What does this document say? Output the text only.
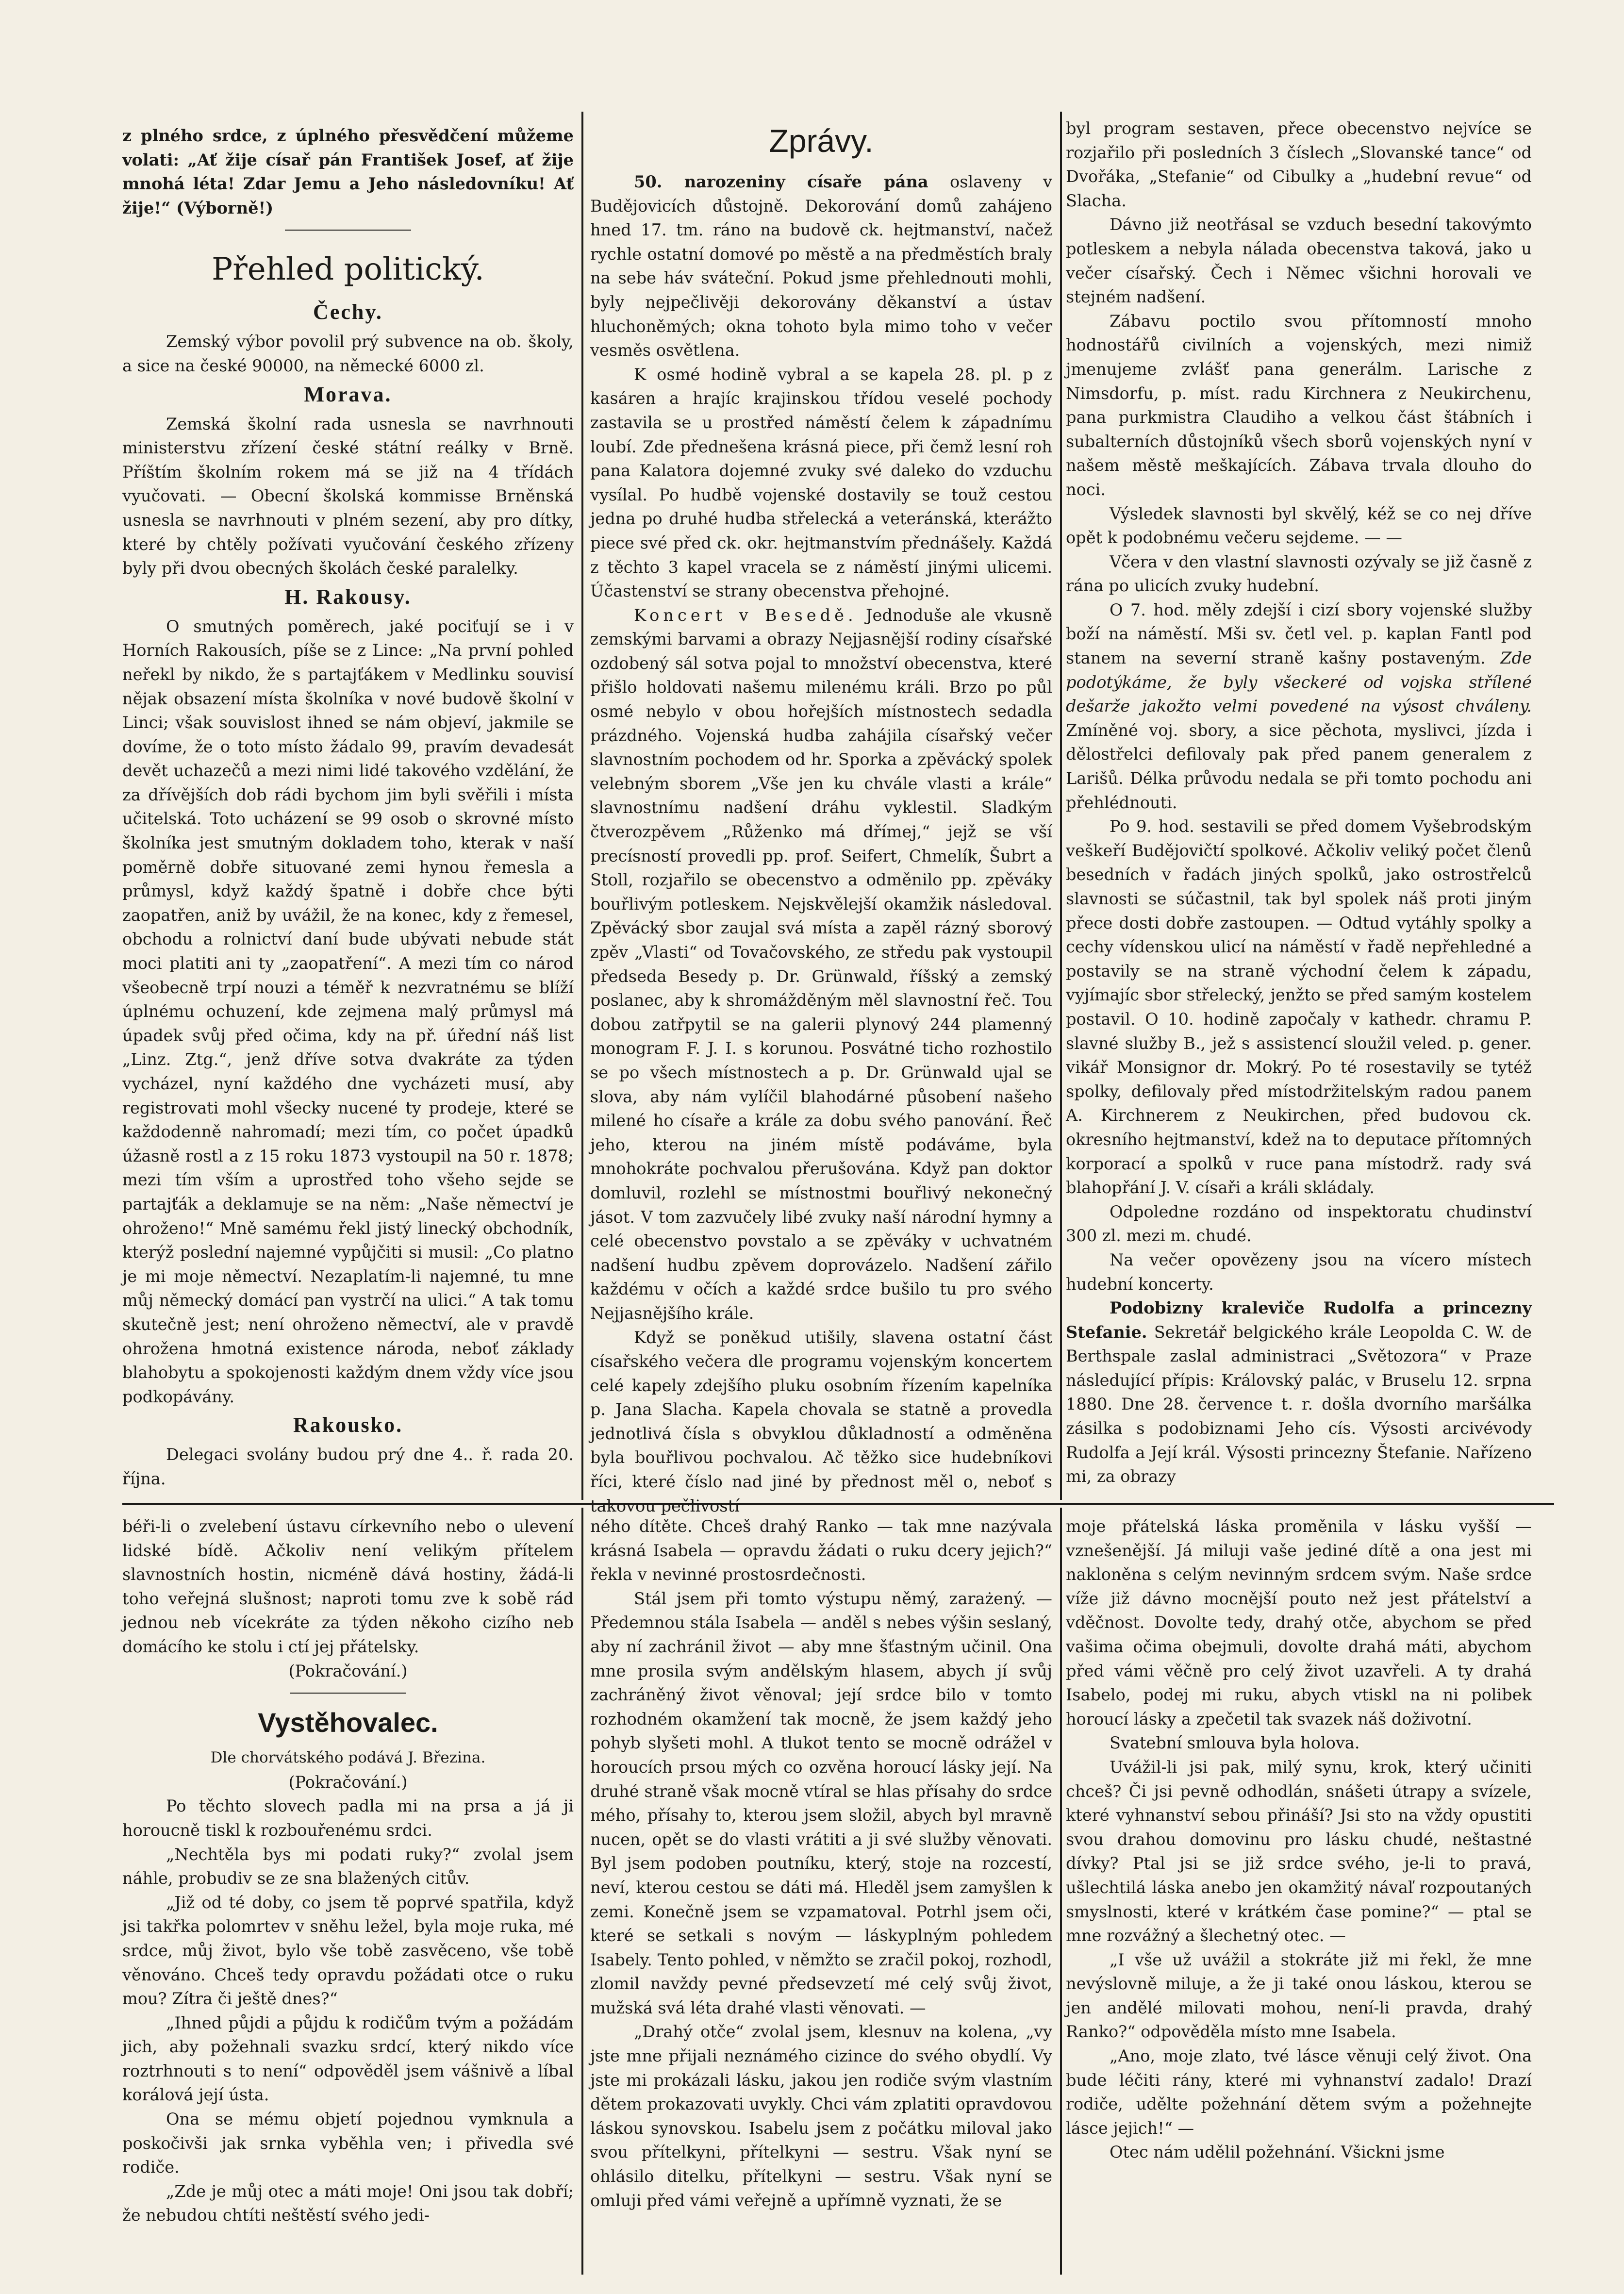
z plného srdce, z úplného přesvědčení můžeme volati: „Ať žije císař pán František Josef, ať žije mnohá léta! Zdar Jemu a Jeho následovníku! Ať žije!“ (Výborně!)

Přehled politický.
Čechy.

Zemský výbor povolil prý subvence na ob. školy, a sice na české 90000, na německé 6000 zl.

Morava.

Zemská školní rada usnesla se navrhnouti ministerstvu zřízení české státní reálky v Brně. Příštím školním rokem má se již na 4 třídách vyučovati. — Obecní školská kommisse Brněnská usnesla se navrhnouti v plném sezení, aby pro dítky, které by chtěly požívati vyučování českého zřízeny byly při dvou obecných školách české paralelky.

H. Rakousy.

O smutných poměrech, jaké pociťují se i v Horních Rakousích, píše se z Lince: „Na první pohled neřekl by nikdo, že s partajťákem v Medlinku souvisí nějak obsazení místa školníka v nové budově školní v Linci; však souvislost ihned se nám objeví, jakmile se dovíme, že o toto místo žádalo 99, pravím devadesát devět uchazečů a mezi nimi lidé takového vzdělání, že za dřívějších dob rádi bychom jim byli svěřili i místa učitelská. Toto ucházení se 99 osob o skrovné místo školníka jest smutným dokladem toho, kterak v naší poměrně dobře situované zemi hynou řemesla a průmysl, když každý špatně i dobře chce býti zaopatřen, aniž by uvážil, že na konec, kdy z řemesel, obchodu a rolnictví daní bude ubývati nebude stát moci platiti ani ty „zaopatření“. A mezi tím co národ všeobecně trpí nouzi a téměř k nezvratnému se blíží úplnému ochuzení, kde zejmena malý průmysl má úpadek svůj před očima, kdy na př. úřední náš list „Linz. Ztg.“, jenž dříve sotva dvakráte za týden vycházel, nyní každého dne vycházeti musí, aby registrovati mohl všecky nucené ty prodeje, které se každodenně nahromadí; mezi tím, co počet úpadků úžasně rostl a z 15 roku 1873 vystoupil na 50 r. 1878; mezi tím vším a uprostřed toho všeho sejde se partajťák a deklamuje se na něm: „Naše němectví je ohroženo!“ Mně samému řekl jistý linecký obchodník, kterýž poslední najemné vypůjčiti si musil: „Co platno je mi moje němectví. Nezaplatím-li najemné, tu mne můj německý domácí pan vystrčí na ulici.“ A tak tomu skutečně jest; není ohroženo němectví, ale v pravdě ohrožena hmotná existence národa, neboť základy blahobytu a spokojenosti každým dnem vždy více jsou podkopávány.

Rakousko.

Delegaci svolány budou prý dne 4.. ř. rada 20. října.

Zprávy.

50. narozeniny císaře pána oslaveny v Budějovicích důstojně. Dekorování domů zahájeno hned 17. tm. ráno na budově ck. hejtmanství, načež rychle ostatní domové po městě a na předměstích braly na sebe háv sváteční. Pokud jsme přehlednouti mohli, byly nejpečlivěji dekorovány děkanství a ústav hluchoněmých; okna tohoto byla mimo toho v večer vesměs osvětlena.

K osmé hodině vybral a se kapela 28. pl. p z kasáren a hrajíc krajinskou třídou veselé pochody zastavila se u prostřed náměstí čelem k západnímu loubí. Zde přednešena krásná piece, při čemž lesní roh pana Kalatora dojemné zvuky své daleko do vzduchu vysílal. Po hudbě vojenské dostavily se touž cestou jedna po druhé hudba střelecká a veteránská, kterážto piece své před ck. okr. hejtmanstvím přednášely. Každá z těchto 3 kapel vracela se z náměstí jinými ulicemi. Účastenství se strany obecenstva přehojné.

Koncert v Besedě. Jednoduše ale vkusně zemskými barvami a obrazy Nejjasnější rodiny císařské ozdobený sál sotva pojal to množství obecenstva, které přišlo holdovati našemu milenému králi. Brzo po půl osmé nebylo v obou hořejších místnostech sedadla prázdného. Vojenská hudba zahájila císařský večer slavnostním pochodem od hr. Sporka a zpěvácký spolek velebným sborem „Vše jen ku chvále vlasti a krále“ slavnostnímu nadšení dráhu vyklestil. Sladkým čtverozpěvem „Růženko má dřímej,“ jejž se vší precísností provedli pp. prof. Seifert, Chmelík, Šubrt a Stoll, rozjařilo se obecenstvo a odměnilo pp. zpěváky bouřlivým potleskem. Nejskvělejší okamžik následoval. Zpěvácký sbor zaujal svá místa a zapěl rázný sborový zpěv „Vlasti“ od Tovačovského, ze středu pak vystoupil předseda Besedy p. Dr. Grünwald, říšský a zemský poslanec, aby k shromážděným měl slavnostní řeč. Tou dobou zatřpytil se na galerii plynový 244 plamenný monogram F. J. I. s korunou. Posvátné ticho rozhostilo se po všech místnostech a p. Dr. Grünwald ujal se slova, aby nám vylíčil blahodárné působení našeho milené ho císaře a krále za dobu svého panování. Řeč jeho, kterou na jiném místě podáváme, byla mnohokráte pochvalou přerušována. Když pan doktor domluvil, rozlehl se místnostmi bouřlivý nekonečný jásot. V tom zazvučely libé zvuky naší národní hymny a celé obecenstvo povstalo a se zpěváky v uchvatném nadšení hudbu zpěvem doprovázelo. Nadšení zářilo každému v očích a každé srdce bušilo tu pro svého Nejjasnějšího krále.

Když se poněkud utišily, slavena ostatní část císařského večera dle programu vojenským koncertem celé kapely zdejšího pluku osobním řízením kapelníka p. Jana Slacha. Kapela chovala se statně a provedla jednotlivá čísla s obvyklou důkladností a odměněna byla bouřlivou pochvalou. Ač těžko sice hudebníkovi říci, které číslo nad jiné by přednost měl o, neboť s takovou pečlivostí

byl program sestaven, přece obecenstvo nejvíce se rozjařilo při posledních 3 číslech „Slovanské tance“ od Dvořáka, „Stefanie“ od Cibulky a „hudební revue“ od Slacha.

Dávno již neotřásal se vzduch besední takovýmto potleskem a nebyla nálada obecenstva taková, jako u večer císařský. Čech i Němec všichni horovali ve stejném nadšení.

Zábavu poctilo svou přítomností mnoho hodnostářů civilních a vojenských, mezi nimiž jmenujeme zvlášť pana generálm. Larische z Nimsdorfu, p. míst. radu Kirchnera z Neukirchenu, pana purkmistra Claudiho a velkou část štábních i subalterních důstojníků všech sborů vojenských nyní v našem městě meškajících. Zábava trvala dlouho do noci.

Výsledek slavnosti byl skvělý, kéž se co nej dříve opět k podobnému večeru sejdeme. — —

Včera v den vlastní slavnosti ozývaly se již časně z rána po ulicích zvuky hudební.

O 7. hod. měly zdejší i cizí sbory vojenské služby boží na náměstí. Mši sv. četl vel. p. kaplan Fantl pod stanem na severní straně kašny postaveným. Zde podotýkáme, že byly všeckeré od vojska střílené dešarže jakožto velmi povedené na výsost chváleny. Zmíněné voj. sbory, a sice pěchota, myslivci, jízda i dělostřelci defilovaly pak před panem generalem z Larišů. Délka průvodu nedala se při tomto pochodu ani přehlédnouti.

Po 9. hod. sestavili se před domem Vyšebrodským veškeří Budějovičtí spolkové. Ačkoliv veliký počet členů besedních v řadách jiných spolků, jako ostrostřelců slavnosti se súčastnil, tak byl spolek náš proti jiným přece dosti dobře zastoupen. — Odtud vytáhly spolky a cechy vídenskou ulicí na náměstí v řadě nepřehledné a postavily se na straně východní čelem k západu, vyjímajíc sbor střelecký, jenžto se před samým kostelem postavil. O 10. hodině započaly v kathedr. chramu P. slavné služby B., jež s assistencí sloužil veled. p. gener. vikář Monsignor dr. Mokrý. Po té rosestavily se tytéž spolky, defilovaly před místodržitelským radou panem A. Kirchnerem z Neukirchen, před budovou ck. okresního hejtmanství, kdež na to deputace přítomných korporací a spolků v ruce pana místodrž. rady svá blahopřání J. V. císaři a králi skládaly.

Odpoledne rozdáno od inspektoratu chudinství 300 zl. mezi m. chudé.

Na večer opovězeny jsou na vícero místech hudební koncerty.

Podobizny kraleviče Rudolfa a princezny Stefanie. Sekretář belgického krále Leopolda C. W. de Berthspale zaslal administraci „Světozora“ v Praze následující přípis: Královský palác, v Bruselu 12. srpna 1880. Dne 28. července t. r. došla dvorního maršálka zásilka s podobiznami Jeho cís. Výsosti arcivévody Rudolfa a Její král. Výsosti princezny Štefanie. Nařízeno mi, za obrazy

béři-li o zvelebení ústavu církevního nebo o ulevení lidské bídě. Ačkoliv není velikým přítelem slavnostních hostin, nicméně dává hostiny, žádá-li toho veřejná slušnost; naproti tomu zve k sobě rád jednou neb vícekráte za týden někoho cizího neb domácího ke stolu i ctí jej přátelsky.

(Pokračování.)

Vystěhovalec.

Dle chorvátského podává J. Březina.

(Pokračování.)

Po těchto slovech padla mi na prsa a já ji horoucně tiskl k rozbouřenému srdci.

„Nechtěla bys mi podati ruky?“ zvolal jsem náhle, probudiv se ze sna blažených citův.

„Již od té doby, co jsem tě poprvé spatřila, když jsi takřka polomrtev v sněhu ležel, byla moje ruka, mé srdce, můj život, bylo vše tobě zasvěceno, vše tobě věnováno. Chceš tedy opravdu požádati otce o ruku mou? Zítra či ještě dnes?“

„Ihned půjdi a půjdu k rodičům tvým a požádám jich, aby požehnali svazku srdcí, který nikdo více roztrhnouti s to není“ odpověděl jsem vášnivě a líbal korálová její ústa.

Ona se mému objetí pojednou vymknula a poskočivši jak srnka vyběhla ven; i přivedla své rodiče.

„Zde je můj otec a máti moje! Oni jsou tak dobří; že nebudou chtíti neštěstí svého jedi-

ného dítěte. Chceš drahý Ranko — tak mne nazývala krásná Isabela — opravdu žádati o ruku dcery jejich?“ řekla v nevinné prostosrdečnosti.

Stál jsem při tomto výstupu němý, zarażený. — Předemnou stála Isabela — anděl s nebes výšin seslaný, aby ní zachránil život — aby mne šťastným učinil. Ona mne prosila svým andělským hlasem, abych jí svůj zachráněný život věnoval; její srdce bilo v tomto rozhodném okamžení tak mocně, že jsem každý jeho pohyb slyšeti mohl. A tlukot tento se mocně odrážel v horoucích prsou mých co ozvěna horoucí lásky její. Na druhé straně však mocně vtíral se hlas přísahy do srdce mého, přísahy to, kterou jsem složil, abych byl mravně nucen, opět se do vlasti vrátiti a ji své služby věnovati. Byl jsem podoben poutníku, který, stoje na rozcestí, neví, kterou cestou se dáti má. Hleděl jsem zamyšlen k zemi. Konečně jsem se vzpamatoval. Potrhl jsem oči, které se setkali s novým — láskyplným pohledem Isabely. Tento pohled, v němžto se zračil pokoj, rozhodl, zlomil navždy pevné předsevzetí mé celý svůj život, mužská svá léta drahé vlasti věnovati. —

„Drahý otče“ zvolal jsem, klesnuv na kolena, „vy jste mne přijali neznámého cizince do svého obydlí. Vy jste mi prokázali lásku, jakou jen rodiče svým vlastním dětem prokazovati uvykly. Chci vám zplatiti opravdovou láskou synovskou. Isabelu jsem z počátku miloval jako svou přítelkyni, přítelkyni — sestru. Však nyní se ohlásilo ditelku, přítelkyni — sestru. Však nyní se omluji před vámi veřejně a upřímně vyznati, že se

moje přátelská láska proměnila v lásku vyšší — vznešenější. Já miluji vaše jediné dítě a ona jest mi nakloněna s celým nevinným srdcem svým. Naše srdce víže již dávno mocnější pouto než jest přátelství a vděčnost. Dovolte tedy, drahý otče, abychom se před vašima očima obejmuli, dovolte drahá máti, abychom před vámi věčně pro celý život uzavřeli. A ty drahá Isabelo, podej mi ruku, abych vtiskl na ni polibek horoucí lásky a zpečetil tak svazek náš doživotní.

Svatební smlouva byla holova.

Uvážil-li jsi pak, milý synu, krok, který učiniti chceš? Či jsi pevně odhodlán, snášeti útrapy a svízele, které vyhnanství sebou přináší? Jsi sto na vždy opustiti svou drahou domovinu pro lásku chudé, neštastné dívky? Ptal jsi se již srdce svého, je-li to pravá, ušlechtilá láska anebo jen okamžitý návaľ rozpoutaných smyslnosti, které v krátkém čase pomine?“ — ptal se mne rozvážný a šlechetný otec. —

„I vše už uvážil a stokráte již mi řekl, že mne nevýslovně miluje, a že ji také onou láskou, kterou se jen andělé milovati mohou, není-li pravda, drahý Ranko?“ odpověděla místo mne Isabela.

„Ano, moje zlato, tvé lásce věnuji celý život. Ona bude léčiti rány, které mi vyhnanství zadalo! Drazí rodiče, udělte požehnání dětem svým a požehnejte lásce jejich!“ —

Otec nám udělil požehnání. Všickni jsme
